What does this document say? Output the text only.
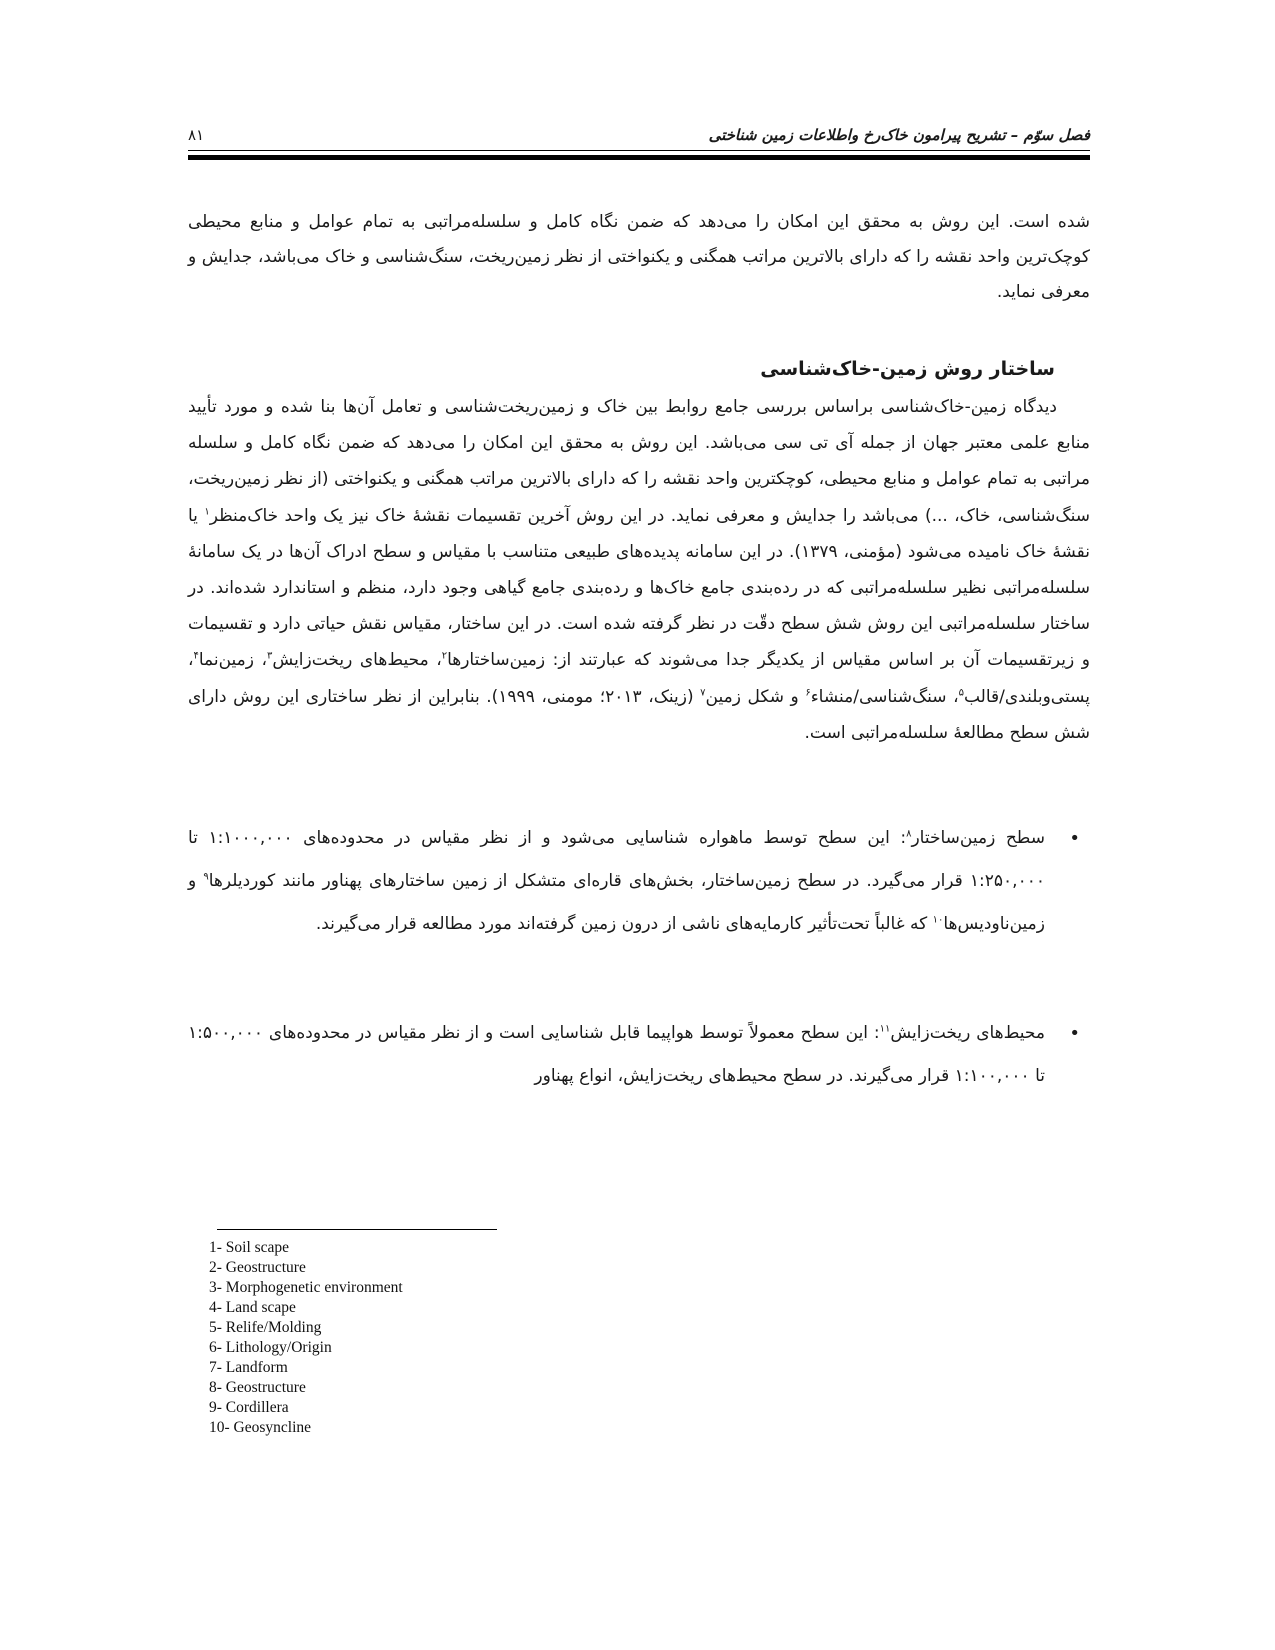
فصل سوّم – تشریح پیرامون خاک‌رخ واطلاعات زمین شناختی
۸۱

شده است. این روش به محقق این امکان را می‌دهد که ضمن نگاه کامل و سلسله‌مراتبی به تمام عوامل و منابع محیطی کوچک‌ترین واحد نقشه را که دارای بالاترین مراتب همگنی و یکنواختی از نظر زمین‌ریخت، سنگ‌شناسی و خاک می‌باشد، جدایش و معرفی نماید.

ساختار روش زمین-خاک‌شناسی

دیدگاه زمین-خاک‌شناسی براساس بررسی جامع روابط بین خاک و زمین‌ریخت‌شناسی و تعامل آن‌ها بنا شده و مورد تأیید منابع علمی معتبر جهان از جمله آی تی سی می‌باشد. این روش به محقق این امکان را می‌دهد که ضمن نگاه کامل و سلسله مراتبی به تمام عوامل و منابع محیطی، کوچکترین واحد نقشه را که دارای بالاترین مراتب همگنی و یکنواختی (از نظر زمین‌ریخت، سنگ‌شناسی، خاک، ...) می‌باشد را جدایش و معرفی نماید. در این روش آخرین تقسیمات نقشهٔ خاک نیز یک واحد خاک‌منظر$^۱$ یا نقشهٔ خاک نامیده می‌شود (مؤمنی، ۱۳۷۹). در این سامانه پدیده‌های طبیعی متناسب با مقیاس و سطح ادراک آن‌ها در یک سامانهٔ سلسله‌مراتبی نظیر سلسله‌مراتبی که در رده‌بندی جامع خاک‌ها و رده‌بندی جامع گیاهی وجود دارد، منظم و استاندارد شده‌اند. در ساختار سلسله‌مراتبی این روش شش سطح دقّت در نظر گرفته شده است. در این ساختار، مقیاس نقش حیاتی دارد و تقسیمات و زیرتقسیمات آن بر اساس مقیاس از یکدیگر جدا می‌شوند که عبارتند از: زمین‌ساختارها$^۲$، محیط‌های ریخت‌زایش$^۳$، زمین‌نما$^۴$، پستی‌وبلندی/قالب$^۵$، سنگ‌شناسی/منشاء$^۶$ و شکل زمین$^۷$ (زینک، ۲۰۱۳؛ مومنی، ۱۹۹۹). بنابراین از نظر ساختاری این روش دارای شش سطح مطالعهٔ سلسله‌مراتبی است.

•
سطح زمین‌ساختار$^۸$: این سطح توسط ماهواره شناسایی می‌شود و از نظر مقیاس در محدوده‌های ۱:۱۰۰۰,۰۰۰ تا ۱:۲۵۰,۰۰۰ قرار می‌گیرد. در سطح زمین‌ساختار، بخش‌های قاره‌ای متشکل از زمین ساختارهای پهناور مانند کوردیلرها$^۹$ و زمین‌ناودیس‌ها$^{۱۰}$ که غالباً تحت‌تأثیر کارمایه‌های ناشی از درون زمین گرفته‌اند مورد مطالعه قرار می‌گیرند.
•
محیط‌های ریخت‌زایش$^{۱۱}$: این سطح معمولاً توسط هواپیما قابل شناسایی است و از نظر مقیاس در محدوده‌های ۱:۵۰۰,۰۰۰ تا ۱:۱۰۰,۰۰۰ قرار می‌گیرند. در سطح محیط‌های ریخت‌زایش، انواع پهناور
1- Soil scape
2- Geostructure
3- Morphogenetic environment
4- Land scape
5- Relife/Molding
6- Lithology/Origin
7- Landform
8- Geostructure
9- Cordillera
10- Geosyncline
